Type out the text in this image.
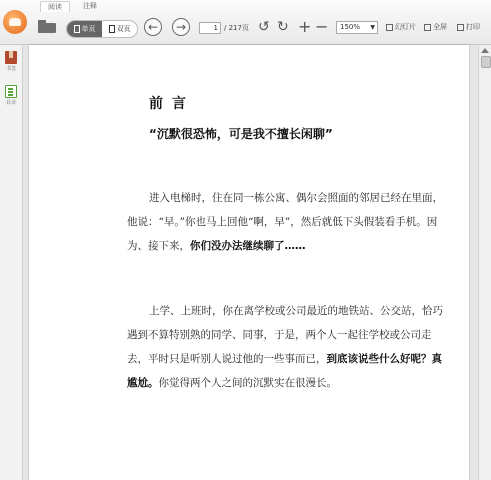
阅读	注释
单页	双页 ← →	1 / 217页 ↺ ↻ + −	150% ▼	幻灯片 全屏	打印
书签
目录	前 言
“沉默很恐怖，可是我不擅长闲聊”
进入电梯时，住在同一栋公寓、偶尔会照面的邻居已经在里面，他说：“早。”你也马上回他“啊，早”，然后就低下头假装看手机。因为、接下来，你们没办法继续聊了……
上学、上班时，你在离学校或公司最近的地铁站、公交站，恰巧遇到不算特别熟的同学、同事，于是，两个人一起往学校或公司走去，平时只是听别人说过他的一些事而已，到底该说些什么好呢？真尴尬。你觉得两个人之间的沉默实在很漫长。
